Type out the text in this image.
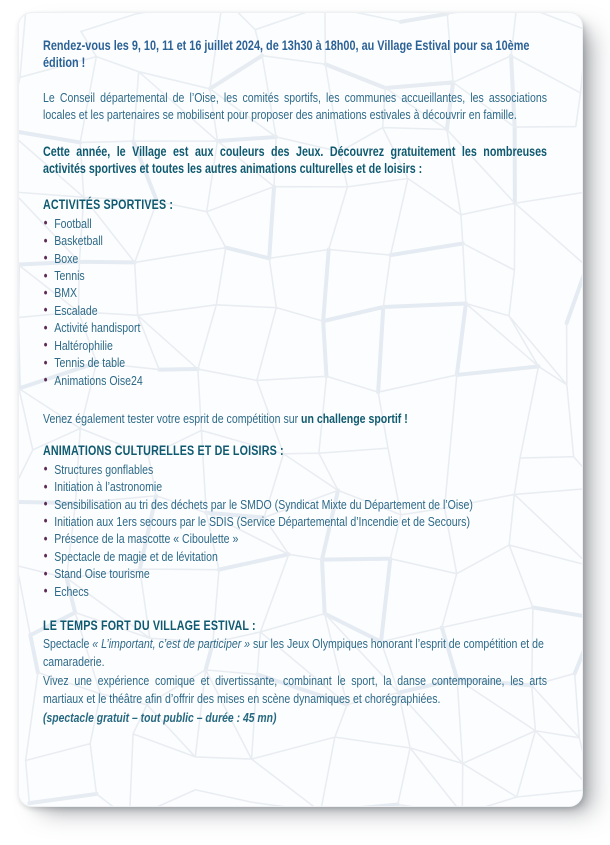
Rendez-vous les 9, 10, 11 et 16 juillet 2024, de 13h30 à 18h00, au Village Estival pour sa 10ème édition !

Le Conseil départemental de l’Oise, les comités sportifs, les communes accueillantes, les associations locales et les partenaires se mobilisent pour proposer des animations estivales à découvrir en famille.

Cette année, le Village est aux couleurs des Jeux. Découvrez gratuitement les nombreuses activités sportives et toutes les autres animations culturelles et de loisirs :

ACTIVITÉS SPORTIVES :
• Football
• Basketball
• Boxe
• Tennis
• BMX
• Escalade
• Activité handisport
• Haltérophilie
• Tennis de table
• Animations Oise24

Venez également tester votre esprit de compétition sur un challenge sportif !

ANIMATIONS CULTURELLES ET DE LOISIRS :
• Structures gonflables
• Initiation à l’astronomie
• Sensibilisation au tri des déchets par le SMDO (Syndicat Mixte du Département de l’Oise)
• Initiation aux 1ers secours par le SDIS (Service Départemental d’Incendie et de Secours)
• Présence de la mascotte « Ciboulette »
• Spectacle de magie et de lévitation
• Stand Oise tourisme
• Echecs
LE TEMPS FORT DU VILLAGE ESTIVAL :

Spectacle « L’important, c’est de participer » sur les Jeux Olympiques honorant l’esprit de compétition et de camaraderie.

Vivez une expérience comique et divertissante, combinant le sport, la danse contemporaine, les arts martiaux et le théâtre afin d’offrir des mises en scène dynamiques et chorégraphiées.

(spectacle gratuit – tout public – durée : 45 mn)
